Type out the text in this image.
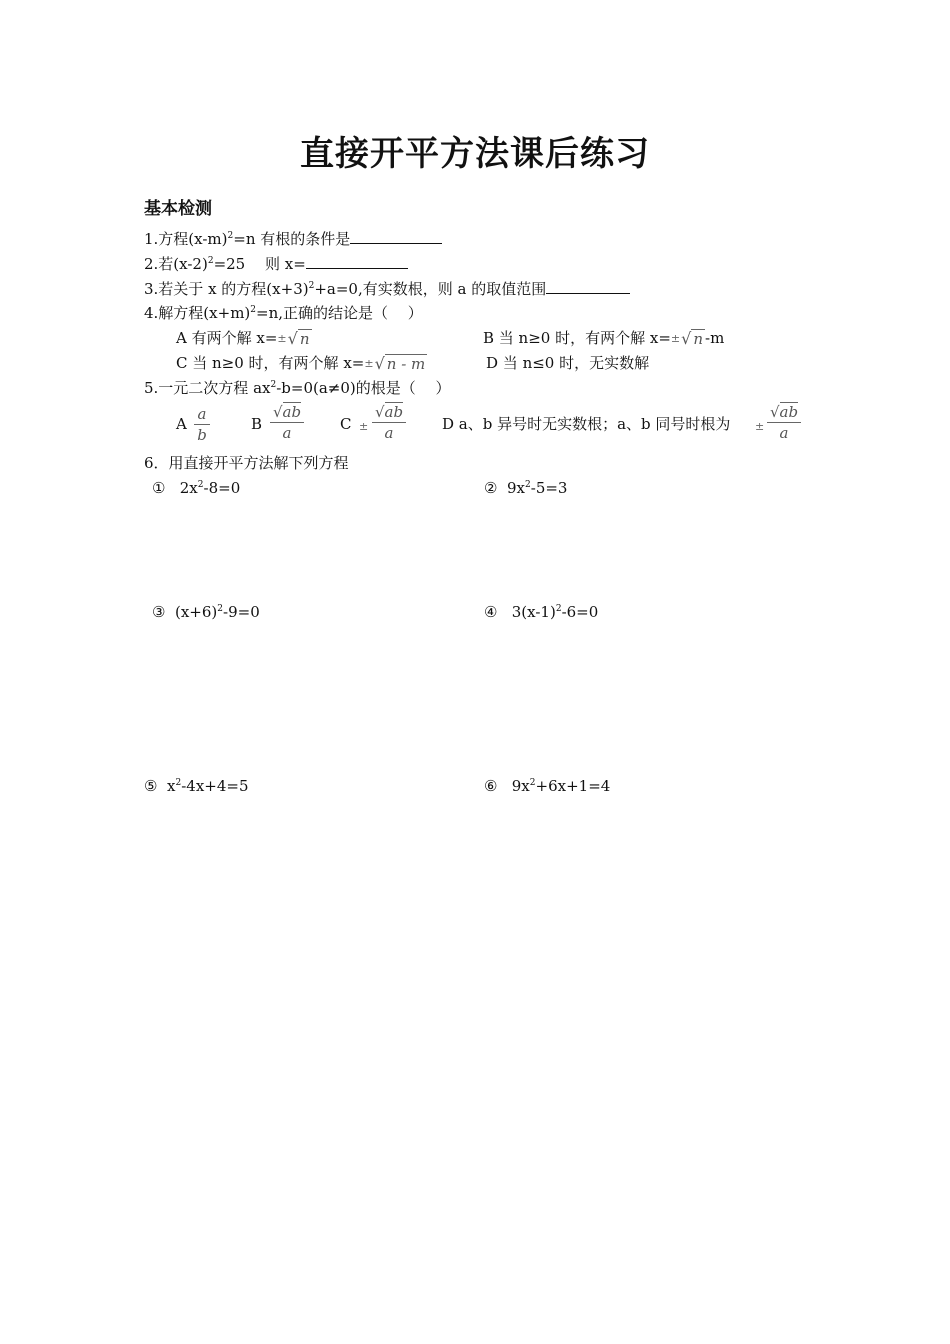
直接开平方法课后练习
基本检测
1.方程$(x-m)^2=n$ 有根的条件是
2.若$(x-2)^2=25$　 则 x=
3.若关于 x 的方程$(x+3)^2+a=0$,有实数根，则 a 的取值范围
4.解方程$(x+m)^2=n$,正确的结论是（　 ）
A 有两个解 x=±√ n	B 当 n≥0 时，有两个解 x=±√ n -m
C 当 n≥0 时，有两个解 x=±√ n - m	D 当 n≤0 时，无实数解
5.一元二次方程 $ax^2-b=0(a\ne 0)$的根是（　 ）
A
a
b
B
√ab
a	C ±
√ab
a	D a、b 异号时无实数根；a、b 同号时根为 ±
√ab
a
6．用直接开平方法解下列方程
① $2x^2-8=0$	② $9x^2-5=3$
③ $(x+6)^2-9=0$	④ $3(x-1)^2-6=0$
⑤ $x^2-4x+4=5$	⑥ $9x^2+6x+1=4$
